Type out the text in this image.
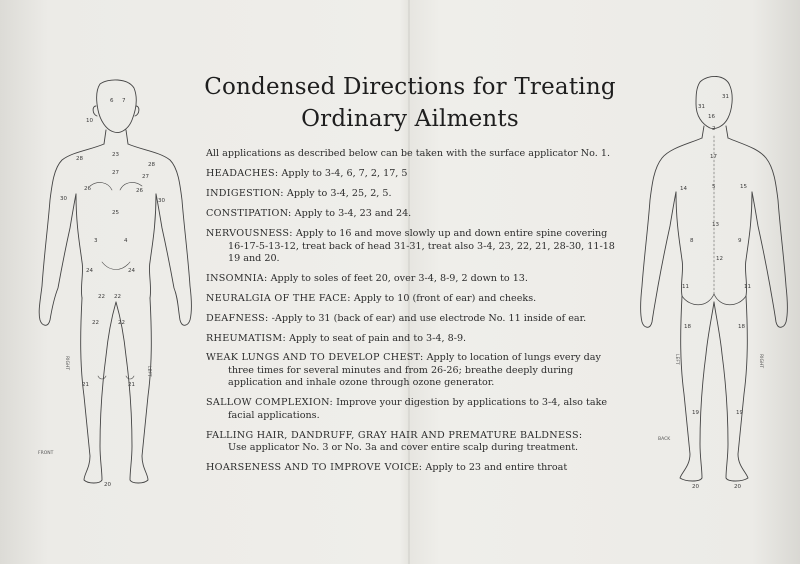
Condensed Directions for Treating
Ordinary Ailments

All applications as described below can be taken with the surface applicator No. 1.

HEADACHES: Apply to 3-4, 6, 7, 2, 17, 5

INDIGESTION: Apply to 3-4, 25, 2, 5.

CONSTIPATION: Apply to 3-4, 23 and 24.

NERVOUSNESS: Apply to 16 and move slowly up and down entire spine covering

16-17-5-13-12, treat back of head 31-31, treat also 3-4, 23, 22, 21, 28-30, 11-18 19 and 20.

INSOMNIA: Apply to soles of feet 20, over 3-4, 8-9, 2 down to 13.

NEURALGIA OF THE FACE: Apply to 10 (front of ear) and cheeks.

DEAFNESS: -Apply to 31 (back of ear) and use electrode No. 11 inside of ear.

RHEUMATISM: Apply to seat of pain and to 3-4, 8-9.

WEAK LUNGS AND TO DEVELOP CHEST: Apply to location of lungs every day

three times for several minutes and from 26-26; breathe deeply during application and inhale ozone through ozone generator.

SALLOW COMPLEXION: Improve your digestion by applications to 3-4, also take

facial applications.

FALLING HAIR, DANDRUFF, GRAY HAIR AND PREMATURE BALDNESS:

Use applicator No. 3 or No. 3a and cover entire scalp during treatment.

HOARSENESS AND TO IMPROVE VOICE: Apply to 23 and entire throat

10
6 7
23
28
28
27
27
30
26	26
30
25
3	4
24	24
22 22
22	22
21	21
20
FRONT
RIGHT
LEFT
31
31
16
2
17
14	5	15
13
8	9
12
11	11
18	18
19	19
20	20
BACK
LEFT	RIGHT
